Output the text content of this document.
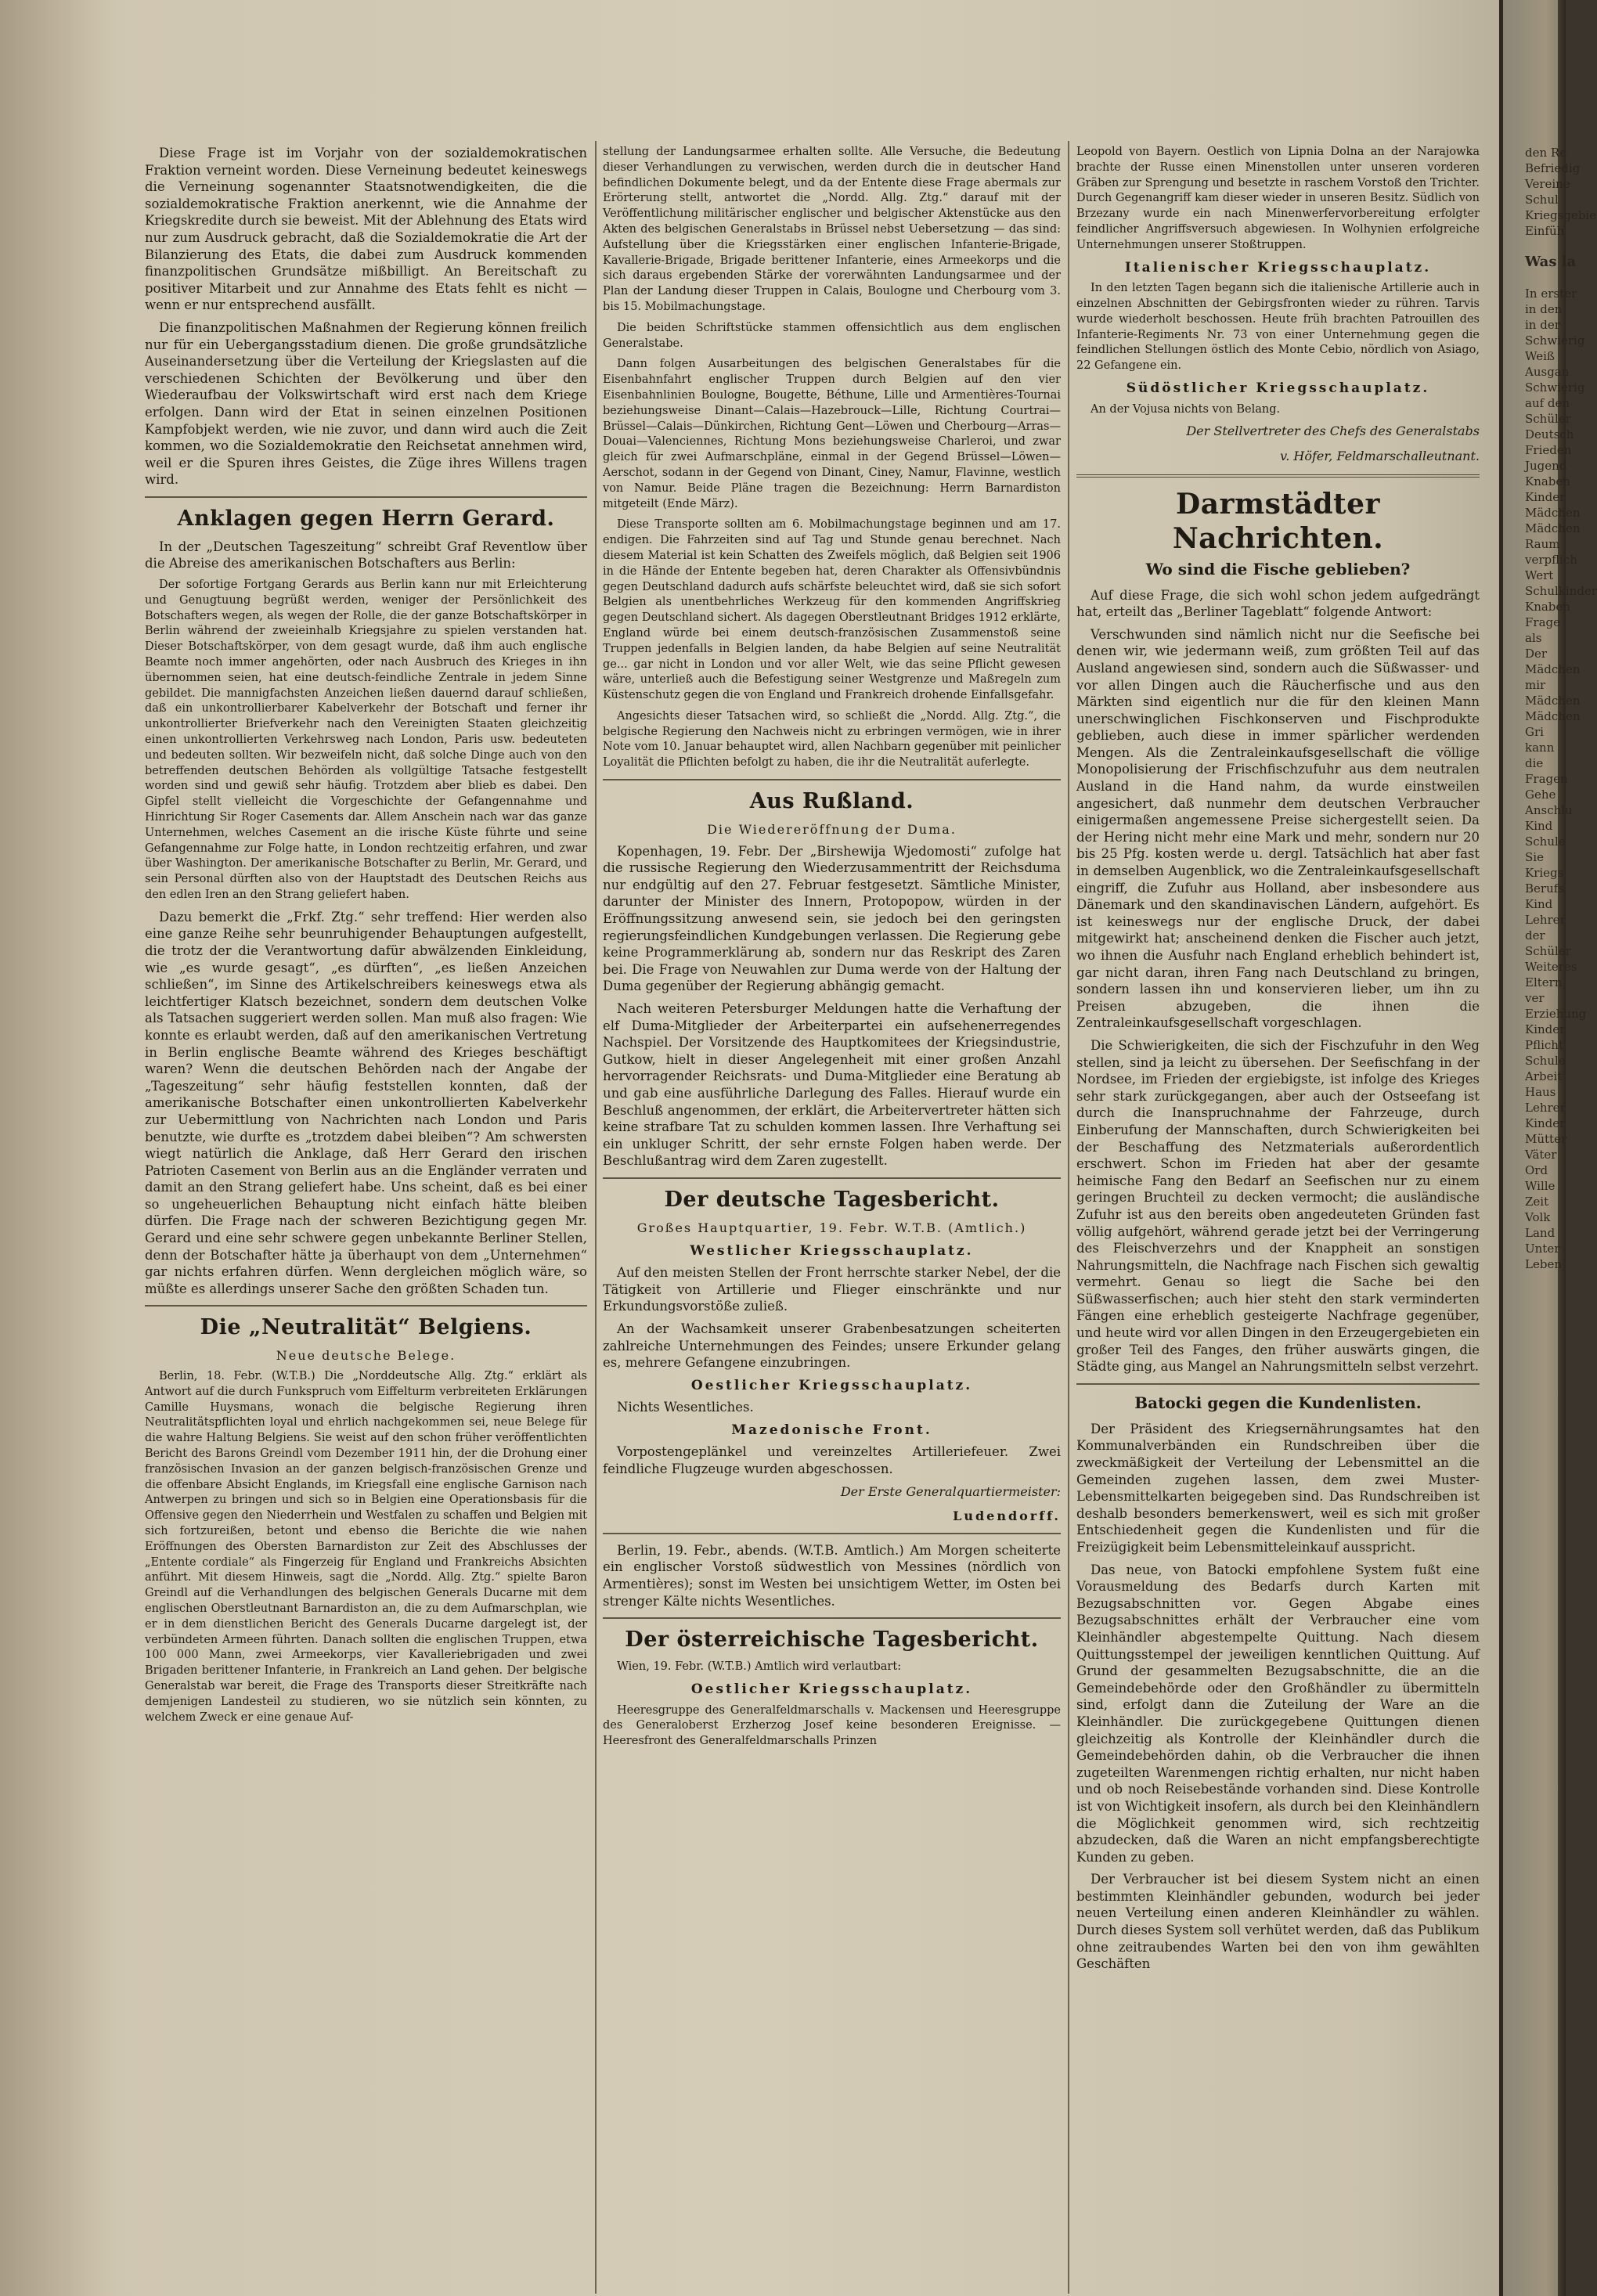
Diese Frage ist im Vorjahr von der sozialdemokratischen Fraktion verneint worden. Diese Verneinung bedeutet keineswegs die Verneinung sogenannter Staatsnotwendigkeiten, die die sozialdemokratische Fraktion anerkennt, wie die Annahme der Kriegskredite durch sie beweist. Mit der Ablehnung des Etats wird nur zum Ausdruck gebracht, daß die Sozialdemokratie die Art der Bilanzierung des Etats, die dabei zum Ausdruck kommenden finanzpolitischen Grundsätze mißbilligt. An Bereitschaft zu positiver Mitarbeit und zur Annahme des Etats fehlt es nicht — wenn er nur entsprechend ausfällt.

Die finanzpolitischen Maßnahmen der Regierung können freilich nur für ein Uebergangsstadium dienen. Die große grundsätzliche Auseinandersetzung über die Verteilung der Kriegslasten auf die verschiedenen Schichten der Bevölkerung und über den Wiederaufbau der Volkswirtschaft wird erst nach dem Kriege erfolgen. Dann wird der Etat in seinen einzelnen Positionen Kampfobjekt werden, wie nie zuvor, und dann wird auch die Zeit kommen, wo die Sozialdemokratie den Reichsetat annehmen wird, weil er die Spuren ihres Geistes, die Züge ihres Willens tragen wird.

Anklagen gegen Herrn Gerard.

In der „Deutschen Tageszeitung“ schreibt Graf Reventlow über die Abreise des amerikanischen Botschafters aus Berlin:

Der sofortige Fortgang Gerards aus Berlin kann nur mit Erleichterung und Genugtuung begrüßt werden, weniger der Persönlichkeit des Botschafters wegen, als wegen der Rolle, die der ganze Botschaftskörper in Berlin während der zweieinhalb Kriegsjahre zu spielen verstanden hat. Dieser Botschaftskörper, von dem gesagt wurde, daß ihm auch englische Beamte noch immer angehörten, oder nach Ausbruch des Krieges in ihn übernommen seien, hat eine deutsch-feindliche Zentrale in jedem Sinne gebildet. Die mannigfachsten Anzeichen ließen dauernd darauf schließen, daß ein unkontrollierbarer Kabelverkehr der Botschaft und ferner ihr unkontrollierter Briefverkehr nach den Vereinigten Staaten gleichzeitig einen unkontrollierten Verkehrsweg nach London, Paris usw. bedeuteten und bedeuten sollten. Wir bezweifeln nicht, daß solche Dinge auch von den betreffenden deutschen Behörden als vollgültige Tatsache festgestellt worden sind und gewiß sehr häufig. Trotzdem aber blieb es dabei. Den Gipfel stellt vielleicht die Vorgeschichte der Gefangennahme und Hinrichtung Sir Roger Casements dar. Allem Anschein nach war das ganze Unternehmen, welches Casement an die irische Küste führte und seine Gefangennahme zur Folge hatte, in London rechtzeitig erfahren, und zwar über Washington. Der amerikanische Botschafter zu Berlin, Mr. Gerard, und sein Personal dürften also von der Hauptstadt des Deutschen Reichs aus den edlen Iren an den Strang geliefert haben.

Dazu bemerkt die „Frkf. Ztg.“ sehr treffend: Hier werden also eine ganze Reihe sehr beunruhigender Behauptungen aufgestellt, die trotz der die Verantwortung dafür abwälzenden Einkleidung, wie „es wurde gesagt“, „es dürften“, „es ließen Anzeichen schließen“, im Sinne des Artikelschreibers keineswegs etwa als leichtfertiger Klatsch bezeichnet, sondern dem deutschen Volke als Tatsachen suggeriert werden sollen. Man muß also fragen: Wie konnte es erlaubt werden, daß auf den amerikanischen Vertretung in Berlin englische Beamte während des Krieges beschäftigt waren? Wenn die deutschen Behörden nach der Angabe der „Tageszeitung“ sehr häufig feststellen konnten, daß der amerikanische Botschafter einen unkontrollierten Kabelverkehr zur Uebermittlung von Nachrichten nach London und Paris benutzte, wie durfte es „trotzdem dabei bleiben“? Am schwersten wiegt natürlich die Anklage, daß Herr Gerard den irischen Patrioten Casement von Berlin aus an die Engländer verraten und damit an den Strang geliefert habe. Uns scheint, daß es bei einer so ungeheuerlichen Behauptung nicht einfach hätte bleiben dürfen. Die Frage nach der schweren Bezichtigung gegen Mr. Gerard und eine sehr schwere gegen unbekannte Berliner Stellen, denn der Botschafter hätte ja überhaupt von dem „Unternehmen“ gar nichts erfahren dürfen. Wenn dergleichen möglich wäre, so müßte es allerdings unserer Sache den größten Schaden tun.

Die „Neutralität“ Belgiens.
Neue deutsche Belege.

Berlin, 18. Febr. (W.T.B.) Die „Norddeutsche Allg. Ztg.“ erklärt als Antwort auf die durch Funkspruch vom Eiffelturm verbreiteten Erklärungen Camille Huysmans, wonach die belgische Regierung ihren Neutralitätspflichten loyal und ehrlich nachgekommen sei, neue Belege für die wahre Haltung Belgiens. Sie weist auf den schon früher veröffentlichten Bericht des Barons Greindl vom Dezember 1911 hin, der die Drohung einer französischen Invasion an der ganzen belgisch-französischen Grenze und die offenbare Absicht Englands, im Kriegsfall eine englische Garnison nach Antwerpen zu bringen und sich so in Belgien eine Operationsbasis für die Offensive gegen den Niederrhein und Westfalen zu schaffen und Belgien mit sich fortzureißen, betont und ebenso die Berichte die wie nahen Eröffnungen des Obersten Barnardiston zur Zeit des Abschlusses der „Entente cordiale“ als Fingerzeig für England und Frankreichs Absichten anführt. Mit diesem Hinweis, sagt die „Nordd. Allg. Ztg.“ spielte Baron Greindl auf die Verhandlungen des belgischen Generals Ducarne mit dem englischen Oberstleutnant Barnardiston an, die zu dem Aufmarschplan, wie er in dem dienstlichen Bericht des Generals Ducarne dargelegt ist, der verbündeten Armeen führten. Danach sollten die englischen Truppen, etwa 100 000 Mann, zwei Armeekorps, vier Kavalleriebrigaden und zwei Brigaden berittener Infanterie, in Frankreich an Land gehen. Der belgische Generalstab war bereit, die Frage des Transports dieser Streitkräfte nach demjenigen Landesteil zu studieren, wo sie nützlich sein könnten, zu welchem Zweck er eine genaue Auf-

stellung der Landungsarmee erhalten sollte. Alle Versuche, die Bedeutung dieser Verhandlungen zu verwischen, werden durch die in deutscher Hand befindlichen Dokumente belegt, und da der Entente diese Frage abermals zur Erörterung stellt, antwortet die „Nordd. Allg. Ztg.“ darauf mit der Veröffentlichung militärischer englischer und belgischer Aktenstücke aus den Akten des belgischen Generalstabs in Brüssel nebst Uebersetzung — das sind: Aufstellung über die Kriegsstärken einer englischen Infanterie-Brigade, Kavallerie-Brigade, Brigade berittener Infanterie, eines Armeekorps und die sich daraus ergebenden Stärke der vorerwähnten Landungsarmee und der Plan der Landung dieser Truppen in Calais, Boulogne und Cherbourg vom 3. bis 15. Mobilmachungstage.

Die beiden Schriftstücke stammen offensichtlich aus dem englischen Generalstabe.

Dann folgen Ausarbeitungen des belgischen Generalstabes für die Eisenbahnfahrt englischer Truppen durch Belgien auf den vier Eisenbahnlinien Boulogne, Bougette, Béthune, Lille und Armentières-Tournai beziehungsweise Dinant—Calais—Hazebrouck—Lille, Richtung Courtrai—Brüssel—Calais—Dünkirchen, Richtung Gent—Löwen und Cherbourg—Arras—Douai—Valenciennes, Richtung Mons beziehungsweise Charleroi, und zwar gleich für zwei Aufmarschpläne, einmal in der Gegend Brüssel—Löwen—Aerschot, sodann in der Gegend von Dinant, Ciney, Namur, Flavinne, westlich von Namur. Beide Pläne tragen die Bezeichnung: Herrn Barnardiston mitgeteilt (Ende März).

Diese Transporte sollten am 6. Mobilmachungstage beginnen und am 17. endigen. Die Fahrzeiten sind auf Tag und Stunde genau berechnet. Nach diesem Material ist kein Schatten des Zweifels möglich, daß Belgien seit 1906 in die Hände der Entente begeben hat, deren Charakter als Offensivbündnis gegen Deutschland dadurch aufs schärfste beleuchtet wird, daß sie sich sofort Belgien als unentbehrliches Werkzeug für den kommenden Angriffskrieg gegen Deutschland sichert. Als dagegen Oberstleutnant Bridges 1912 erklärte, England würde bei einem deutsch-französischen Zusammenstoß seine Truppen jedenfalls in Belgien landen, da habe Belgien auf seine Neutralität ge... gar nicht in London und vor aller Welt, wie das seine Pflicht gewesen wäre, unterließ auch die Befestigung seiner Westgrenze und Maßregeln zum Küstenschutz gegen die von England und Frankreich drohende Einfallsgefahr.

Angesichts dieser Tatsachen wird, so schließt die „Nordd. Allg. Ztg.“, die belgische Regierung den Nachweis nicht zu erbringen vermögen, wie in ihrer Note vom 10. Januar behauptet wird, allen Nachbarn gegenüber mit peinlicher Loyalität die Pflichten befolgt zu haben, die ihr die Neutralität auferlegte.

Aus Rußland.
Die Wiedereröffnung der Duma.

Kopenhagen, 19. Febr. Der „Birshewija Wjedomosti“ zufolge hat die russische Regierung den Wiederzusammentritt der Reichsduma nur endgültig auf den 27. Februar festgesetzt. Sämtliche Minister, darunter der Minister des Innern, Protopopow, würden in der Eröffnungssitzung anwesend sein, sie jedoch bei den geringsten regierungsfeindlichen Kundgebungen verlassen. Die Regierung gebe keine Programmerklärung ab, sondern nur das Reskript des Zaren bei. Die Frage von Neuwahlen zur Duma werde von der Haltung der Duma gegenüber der Regierung abhängig gemacht.

Nach weiteren Petersburger Meldungen hatte die Verhaftung der elf Duma-Mitglieder der Arbeiterpartei ein aufsehenerregendes Nachspiel. Der Vorsitzende des Hauptkomitees der Kriegsindustrie, Gutkow, hielt in dieser Angelegenheit mit einer großen Anzahl hervorragender Reichsrats- und Duma-Mitglieder eine Beratung ab und gab eine ausführliche Darlegung des Falles. Hierauf wurde ein Beschluß angenommen, der erklärt, die Arbeitervertreter hätten sich keine strafbare Tat zu schulden kommen lassen. Ihre Verhaftung sei ein unkluger Schritt, der sehr ernste Folgen haben werde. Der Beschlußantrag wird dem Zaren zugestellt.

Der deutsche Tagesbericht.
Großes Hauptquartier, 19. Febr. W.T.B. (Amtlich.)
Westlicher Kriegsschauplatz.

Auf den meisten Stellen der Front herrschte starker Nebel, der die Tätigkeit von Artillerie und Flieger einschränkte und nur Erkundungsvorstöße zuließ.

An der Wachsamkeit unserer Grabenbesatzungen scheiterten zahlreiche Unternehmungen des Feindes; unsere Erkunder gelang es, mehrere Gefangene einzubringen.

Oestlicher Kriegsschauplatz.

Nichts Wesentliches.

Mazedonische Front.

Vorpostengeplänkel und vereinzeltes Artilleriefeuer. Zwei feindliche Flugzeuge wurden abgeschossen.

Der Erste Generalquartiermeister:
Ludendorff.

Berlin, 19. Febr., abends. (W.T.B. Amtlich.) Am Morgen scheiterte ein englischer Vorstoß südwestlich von Messines (nördlich von Armentières); sonst im Westen bei unsichtigem Wetter, im Osten bei strenger Kälte nichts Wesentliches.

Der österreichische Tagesbericht.

Wien, 19. Febr. (W.T.B.) Amtlich wird verlautbart:

Oestlicher Kriegsschauplatz.

Heeresgruppe des Generalfeldmarschalls v. Mackensen und Heeresgruppe des Generaloberst Erzherzog Josef keine besonderen Ereignisse. — Heeresfront des Generalfeldmarschalls Prinzen

Leopold von Bayern. Oestlich von Lipnia Dolna an der Narajowka brachte der Russe einen Minenstollen unter unseren vorderen Gräben zur Sprengung und besetzte in raschem Vorstoß den Trichter. Durch Gegenangriff kam dieser wieder in unseren Besitz. Südlich von Brzezany wurde ein nach Minenwerfervorbereitung erfolgter feindlicher Angriffsversuch abgewiesen. In Wolhynien erfolgreiche Unternehmungen unserer Stoßtruppen.

Italienischer Kriegsschauplatz.

In den letzten Tagen begann sich die italienische Artillerie auch in einzelnen Abschnitten der Gebirgsfronten wieder zu rühren. Tarvis wurde wiederholt beschossen. Heute früh brachten Patrouillen des Infanterie-Regiments Nr. 73 von einer Unternehmung gegen die feindlichen Stellungen östlich des Monte Cebio, nördlich von Asiago, 22 Gefangene ein.

Südöstlicher Kriegsschauplatz.

An der Vojusa nichts von Belang.

Der Stellvertreter des Chefs des Generalstabs
v. Höfer, Feldmarschalleutnant.
Darmstädter Nachrichten.
Wo sind die Fische geblieben?

Auf diese Frage, die sich wohl schon jedem aufgedrängt hat, erteilt das „Berliner Tageblatt“ folgende Antwort:

Verschwunden sind nämlich nicht nur die Seefische bei denen wir, wie jedermann weiß, zum größten Teil auf das Ausland angewiesen sind, sondern auch die Süßwasser- und vor allen Dingen auch die Räucherfische und aus den Märkten sind eigentlich nur die für den kleinen Mann unerschwinglichen Fischkonserven und Fischprodukte geblieben, auch diese in immer spärlicher werdenden Mengen. Als die Zentraleinkaufsgesellschaft die völlige Monopolisierung der Frischfischzufuhr aus dem neutralen Ausland in die Hand nahm, da wurde einstweilen angesichert, daß nunmehr dem deutschen Verbraucher einigermaßen angemessene Preise sichergestellt seien. Da der Hering nicht mehr eine Mark und mehr, sondern nur 20 bis 25 Pfg. kosten werde u. dergl. Tatsächlich hat aber fast in demselben Augenblick, wo die Zentraleinkaufsgesellschaft eingriff, die Zufuhr aus Holland, aber insbesondere aus Dänemark und den skandinavischen Ländern, aufgehört. Es ist keineswegs nur der englische Druck, der dabei mitgewirkt hat; anscheinend denken die Fischer auch jetzt, wo ihnen die Ausfuhr nach England erheblich behindert ist, gar nicht daran, ihren Fang nach Deutschland zu bringen, sondern lassen ihn und konservieren lieber, um ihn zu Preisen abzugeben, die ihnen die Zentraleinkaufsgesellschaft vorgeschlagen.

Die Schwierigkeiten, die sich der Fischzufuhr in den Weg stellen, sind ja leicht zu übersehen. Der Seefischfang in der Nordsee, im Frieden der ergiebigste, ist infolge des Krieges sehr stark zurückgegangen, aber auch der Ostseefang ist durch die Inanspruchnahme der Fahrzeuge, durch Einberufung der Mannschaften, durch Schwierigkeiten bei der Beschaffung des Netzmaterials außerordentlich erschwert. Schon im Frieden hat aber der gesamte heimische Fang den Bedarf an Seefischen nur zu einem geringen Bruchteil zu decken vermocht; die ausländische Zufuhr ist aus den bereits oben angedeuteten Gründen fast völlig aufgehört, während gerade jetzt bei der Verringerung des Fleischverzehrs und der Knappheit an sonstigen Nahrungsmitteln, die Nachfrage nach Fischen sich gewaltig vermehrt. Genau so liegt die Sache bei den Süßwasserfischen; auch hier steht den stark verminderten Fängen eine erheblich gesteigerte Nachfrage gegenüber, und heute wird vor allen Dingen in den Erzeugergebieten ein großer Teil des Fanges, den früher auswärts gingen, die Städte ging, aus Mangel an Nahrungsmitteln selbst verzehrt.

Batocki gegen die Kundenlisten.

Der Präsident des Kriegsernährungsamtes hat den Kommunalverbänden ein Rundschreiben über die zweckmäßigkeit der Verteilung der Lebensmittel an die Gemeinden zugehen lassen, dem zwei Muster-Lebensmittelkarten beigegeben sind. Das Rundschreiben ist deshalb besonders bemerkenswert, weil es sich mit großer Entschiedenheit gegen die Kundenlisten und für die Freizügigkeit beim Lebensmitteleinkauf ausspricht.

Das neue, von Batocki empfohlene System fußt eine Vorausmeldung des Bedarfs durch Karten mit Bezugsabschnitten vor. Gegen Abgabe eines Bezugsabschnittes erhält der Verbraucher eine vom Kleinhändler abgestempelte Quittung. Nach diesem Quittungsstempel der jeweiligen kenntlichen Quittung. Auf Grund der gesammelten Bezugsabschnitte, die an die Gemeindebehörde oder den Großhändler zu übermitteln sind, erfolgt dann die Zuteilung der Ware an die Kleinhändler. Die zurückgegebene Quittungen dienen gleichzeitig als Kontrolle der Kleinhändler durch die Gemeindebehörden dahin, ob die Verbraucher die ihnen zugeteilten Warenmengen richtig erhalten, nur nicht haben und ob noch Reisebestände vorhanden sind. Diese Kontrolle ist von Wichtigkeit insofern, als durch bei den Kleinhändlern die Möglichkeit genommen wird, sich rechtzeitig abzudecken, daß die Waren an nicht empfangsberechtigte Kunden zu geben.

Der Verbraucher ist bei diesem System nicht an einen bestimmten Kleinhändler gebunden, wodurch bei jeder neuen Verteilung einen anderen Kleinhändler zu wählen. Durch dieses System soll verhütet werden, daß das Publikum ohne zeitraubendes Warten bei den von ihm gewählten Geschäften

den Re
Befriedig
Vereine
Schul
Kriegsgebie
Einfüh
Was la
In erster
in den
in der
Schwierig
Weiß
Ausgan
Schwierig
auf den
Schüler
Deutsch
Frieden
Jugend
Knaben
Kinder
Mädchen
Mädchen
Raum
verpflich
Wert
Schulkinder
Knaben
Frage
als
Der
Mädchen
mir
Mädchen
Mädchen
Gri
kann
die
Fragen
Gehe
Anschlu
Kind
Schule
Sie
Kriegs
Berufs
Kind
Lehrer
der
Schüler
Weiteres
Eltern
ver
Erziehung
Kinder
Pflicht
Schule
Arbeit
Haus
Lehrer
Kinder
Mütter
Väter
Ord
Wille
Zeit
Volk
Land
Unter
Leben
